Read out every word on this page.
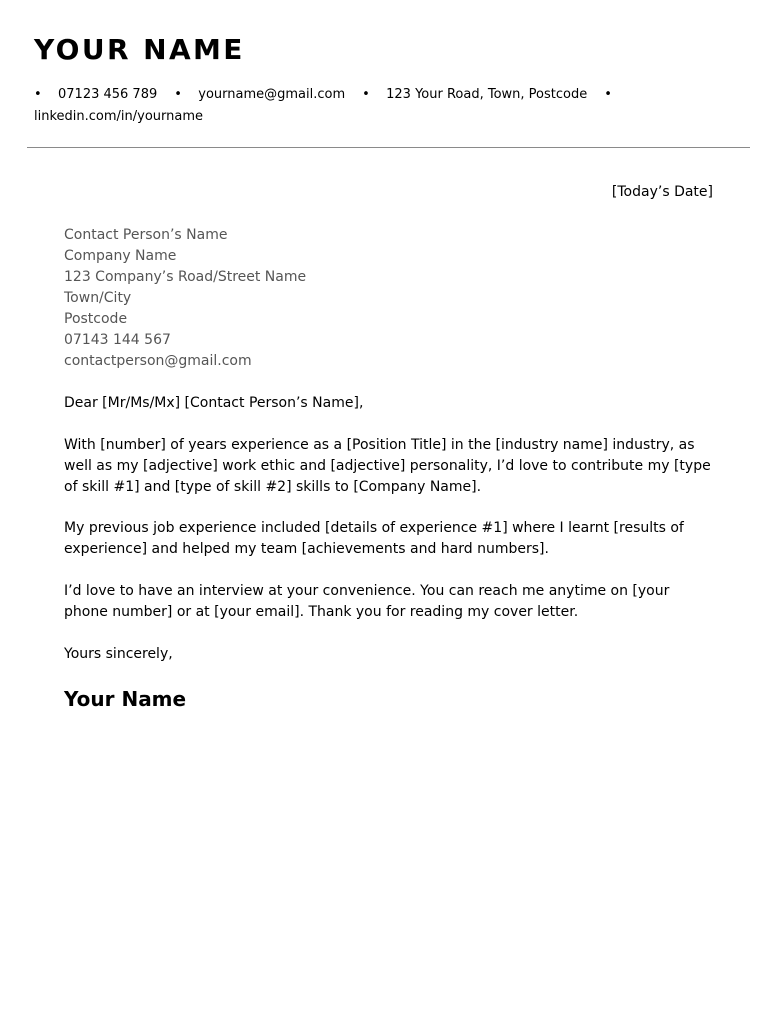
YOUR NAME
• 07123 456 789 • yourname@gmail.com • 123 Your Road, Town, Postcode •
linkedin.com/in/yourname
[Today’s Date]
Contact Person’s Name
Company Name
123 Company’s Road/Street Name
Town/City
Postcode
07143 144 567
contactperson@gmail.com
Dear [Mr/Ms/Mx] [Contact Person’s Name],
With [number] of years experience as a [Position Title] in the [industry name] industry, as well as my [adjective] work ethic and [adjective] personality, I’d love to contribute my [type of skill #1] and [type of skill #2] skills to [Company Name].
My previous job experience included [details of experience #1] where I learnt [results of experience] and helped my team [achievements and hard numbers].
I’d love to have an interview at your convenience. You can reach me anytime on [your phone number] or at [your email]. Thank you for reading my cover letter.
Yours sincerely,
Your Name
